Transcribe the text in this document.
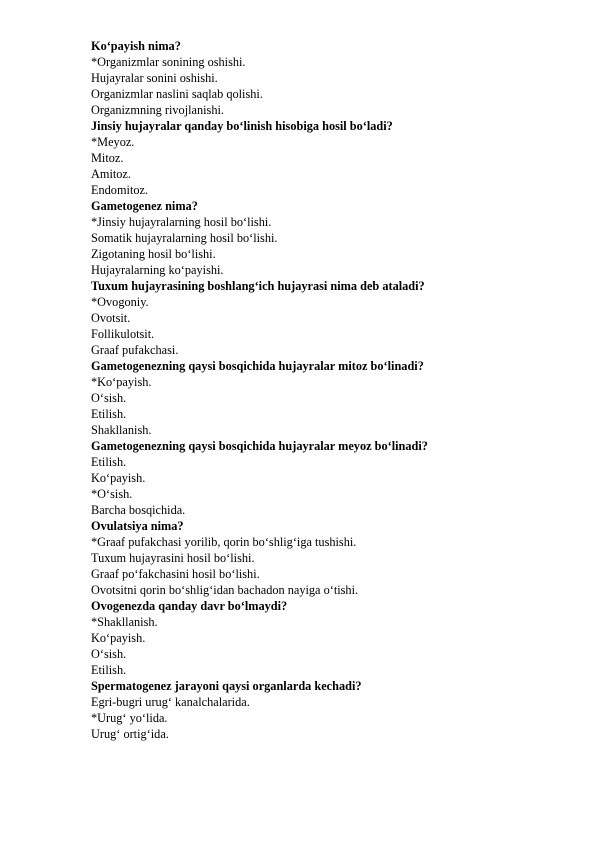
Koʻpayish nima?
*Organizmlar sonining oshishi.
Hujayralar sonini oshishi.
Organizmlar naslini saqlab qolishi.
Organizmning rivojlanishi.
Jinsiy hujayralar qanday boʻlinish hisobiga hosil boʻladi?
*Meyoz.
Mitoz.
Amitoz.
Endomitoz.
Gametogenez nima?
*Jinsiy hujayralarning hosil boʻlishi.
Somatik hujayralarning hosil boʻlishi.
Zigotaning hosil boʻlishi.
Hujayralarning koʻpayishi.
Tuxum hujayrasining boshlangʻich hujayrasi nima deb ataladi?
*Ovogoniy.
Ovotsit.
Follikulotsit.
Graaf pufakchasi.
Gametogenezning qaysi bosqichida hujayralar mitoz boʻlinadi?
*Koʻpayish.
Oʻsish.
Etilish.
Shakllanish.
Gametogenezning qaysi bosqichida hujayralar meyoz boʻlinadi?
Etilish.
Koʻpayish.
*Oʻsish.
Barcha bosqichida.
Ovulatsiya nima?
*Graaf pufakchasi yorilib, qorin boʻshligʻiga tushishi.
Tuxum hujayrasini hosil boʻlishi.
Graaf poʻfakchasini hosil boʻlishi.
Ovotsitni qorin boʻshligʻidan bachadon nayiga oʻtishi.
Ovogenezda qanday davr boʻlmaydi?
*Shakllanish.
Koʻpayish.
Oʻsish.
Etilish.
Spermatogenez jarayoni qaysi organlarda kechadi?
Egri-bugri urugʻ kanalchalarida.
*Urugʻ yoʻlida.
Urugʻ ortigʻida.
